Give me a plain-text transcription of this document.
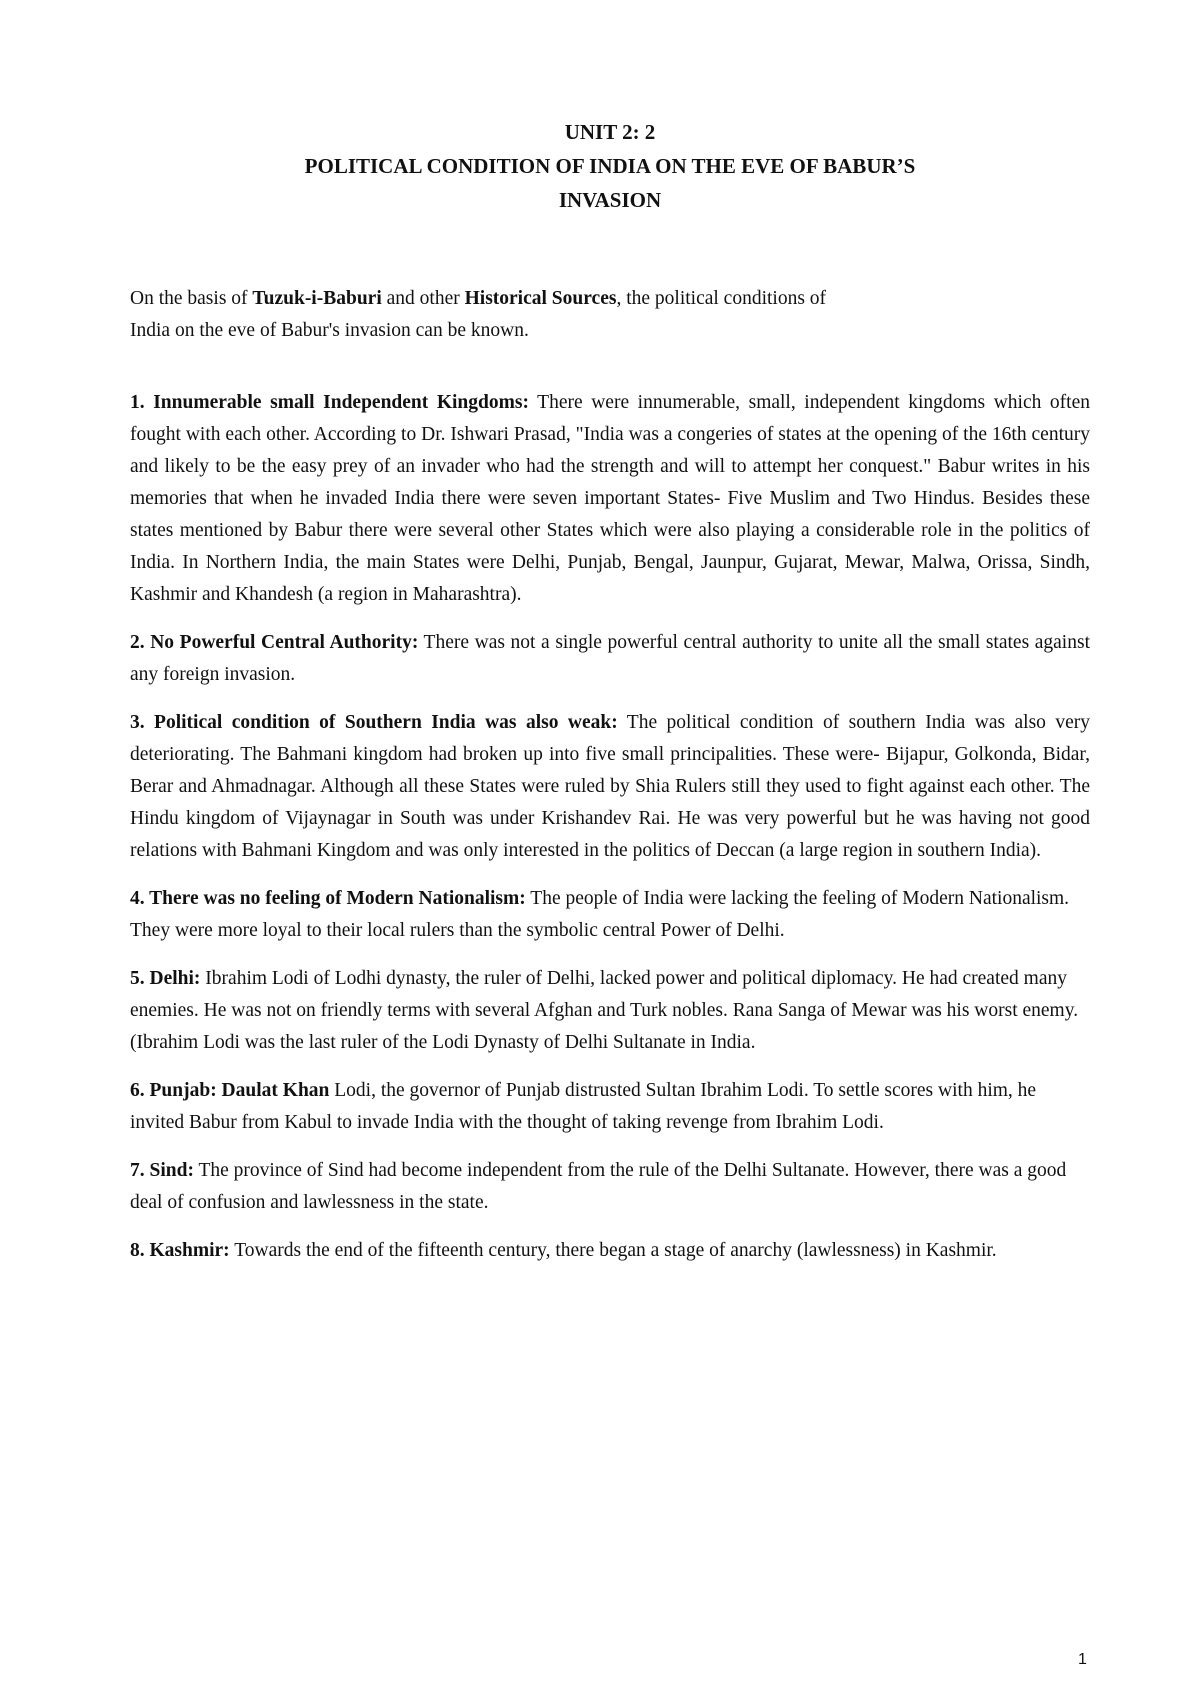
UNIT 2: 2
POLITICAL CONDITION OF INDIA ON THE EVE OF BABUR’S
INVASION

On the basis of Tuzuk-i-Baburi and other Historical Sources, the political conditions of
India on the eve of Babur's invasion can be known.

1. Innumerable small Independent Kingdoms: There were innumerable, small, independent kingdoms which often fought with each other. According to Dr. Ishwari Prasad, "India was a congeries of states at the opening of the 16th century and likely to be the easy prey of an invader who had the strength and will to attempt her conquest." Babur writes in his memories that when he invaded India there were seven important States- Five Muslim and Two Hindus. Besides these states mentioned by Babur there were several other States which were also playing a considerable role in the politics of India. In Northern India, the main States were Delhi, Punjab, Bengal, Jaunpur, Gujarat, Mewar, Malwa, Orissa, Sindh, Kashmir and Khandesh (a region in Maharashtra).

2. No Powerful Central Authority: There was not a single powerful central authority to unite all the small states against any foreign invasion.

3. Political condition of Southern India was also weak: The political condition of southern India was also very deteriorating. The Bahmani kingdom had broken up into five small principalities. These were- Bijapur, Golkonda, Bidar, Berar and Ahmadnagar. Although all these States were ruled by Shia Rulers still they used to fight against each other. The Hindu kingdom of Vijaynagar in South was under Krishandev Rai. He was very powerful but he was having not good relations with Bahmani Kingdom and was only interested in the politics of Deccan (a large region in southern India).

4. There was no feeling of Modern Nationalism: The people of India were lacking the feeling of Modern Nationalism. They were more loyal to their local rulers than the symbolic central Power of Delhi.

5. Delhi: Ibrahim Lodi of Lodhi dynasty, the ruler of Delhi, lacked power and political diplomacy. He had created many enemies. He was not on friendly terms with several Afghan and Turk nobles. Rana Sanga of Mewar was his worst enemy. (Ibrahim Lodi was the last ruler of the Lodi Dynasty of Delhi Sultanate in India.

6. Punjab: Daulat Khan Lodi, the governor of Punjab distrusted Sultan Ibrahim Lodi. To settle scores with him, he invited Babur from Kabul to invade India with the thought of taking revenge from Ibrahim Lodi.

7. Sind: The province of Sind had become independent from the rule of the Delhi Sultanate. However, there was a good deal of confusion and lawlessness in the state.

8. Kashmir: Towards the end of the fifteenth century, there began a stage of anarchy (lawlessness) in Kashmir.

1
